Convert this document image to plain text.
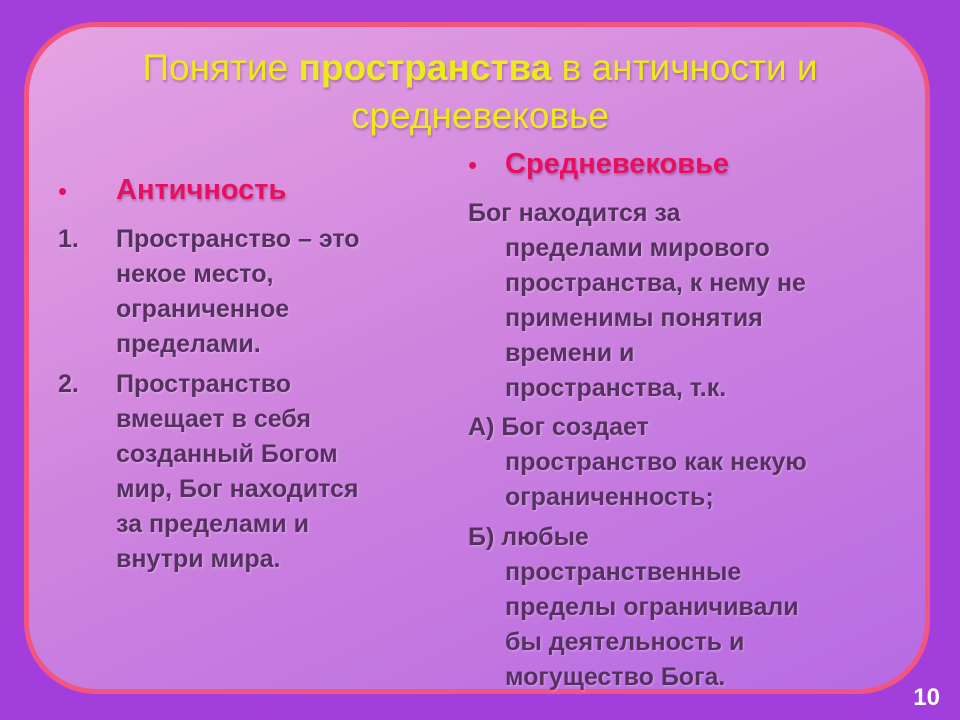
Понятие пространства в античности и
средневековье
• Античность
1. Пространство – это
некое место,
ограниченное
пределами.
2. Пространство
вмещает в себя
созданный Богом
мир, Бог находится
за пределами и
внутри мира.
• Средневековье
Бог находится за
пределами мирового
пространства, к нему не
применимы понятия
времени и
пространства, т.к.
А) Бог создает
пространство как некую
ограниченность;
Б) любые
пространственные
пределы ограничивали
бы деятельность и
могущество Бога.
10
